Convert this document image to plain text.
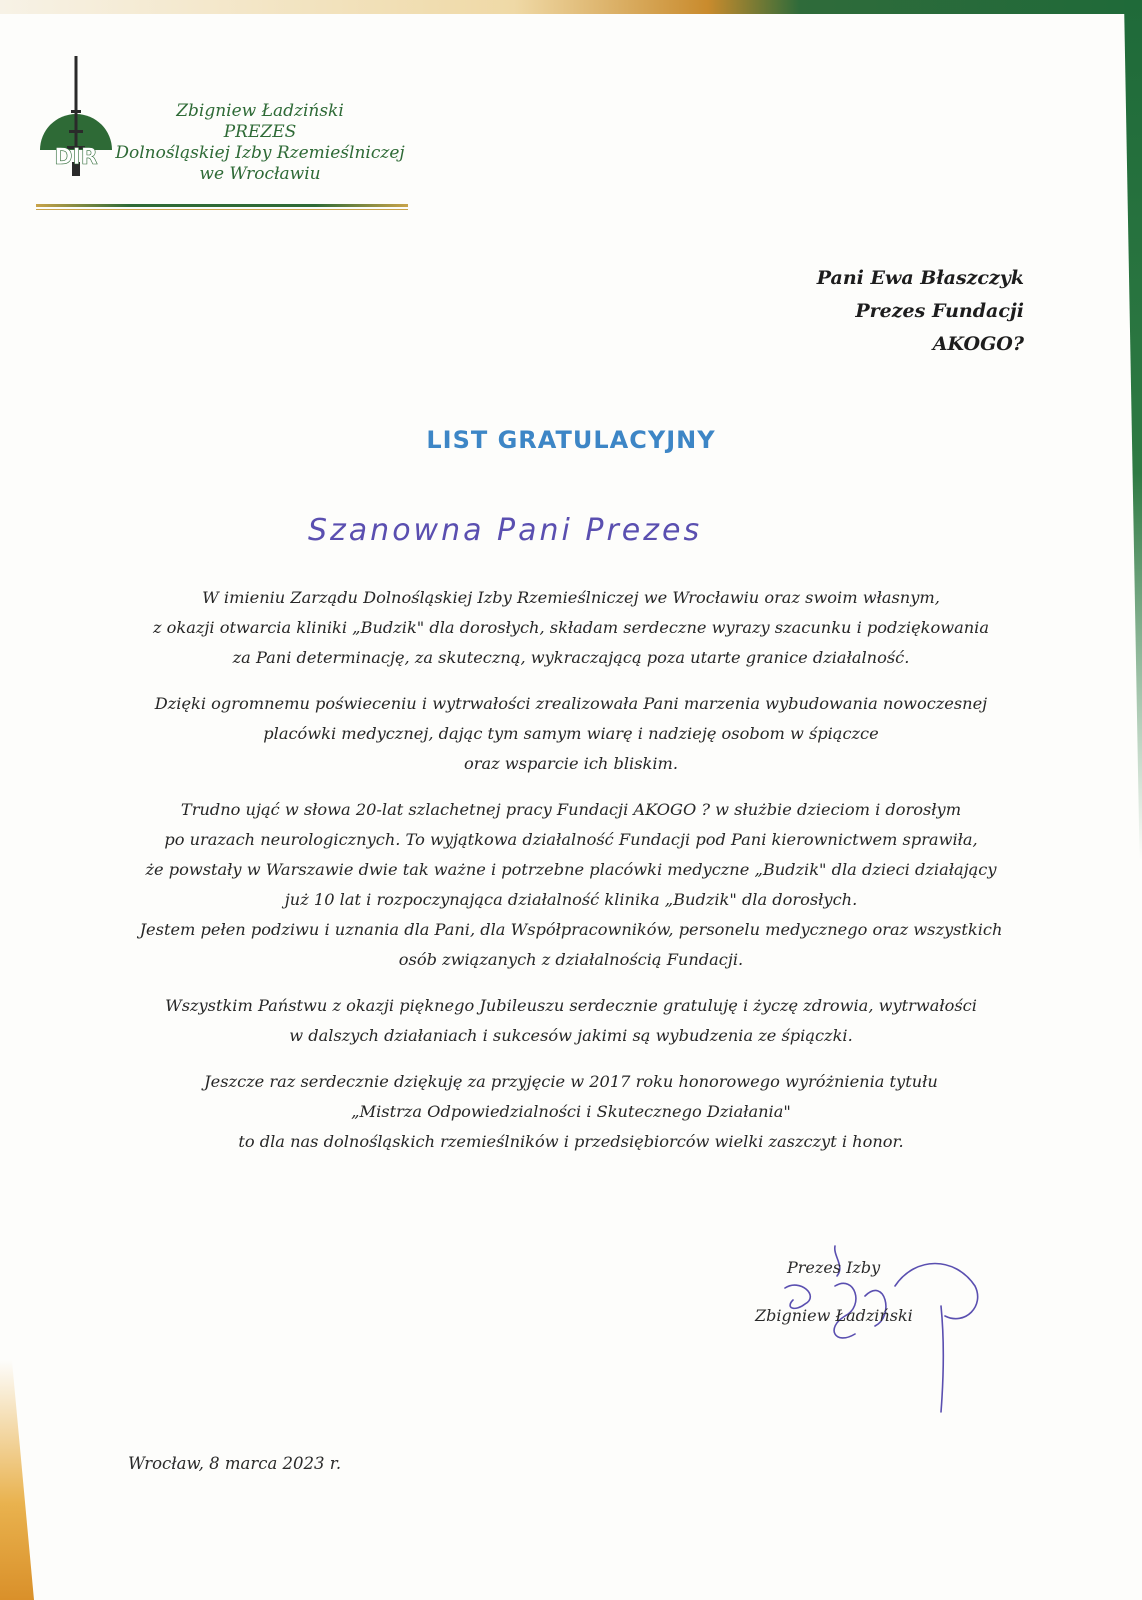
DIR
Zbigniew Ładziński
PREZES
Dolnośląskiej Izby Rzemieślniczej
we Wrocławiu
Pani Ewa Błaszczyk
Prezes Fundacji
AKOGO?
LIST GRATULACYJNY
Szanowna Pani Prezes

W imieniu Zarządu Dolnośląskiej Izby Rzemieślniczej we Wrocławiu oraz swoim własnym,
z okazji otwarcia kliniki „Budzik" dla dorosłych, składam serdeczne wyrazy szacunku i podziękowania
za Pani determinację, za skuteczną, wykraczającą poza utarte granice działalność.

Dzięki ogromnemu poświeceniu i wytrwałości zrealizowała Pani marzenia wybudowania nowoczesnej
placówki medycznej, dając tym samym wiarę i nadzieję osobom w śpiączce
oraz wsparcie ich bliskim.

Trudno ująć w słowa 20-lat szlachetnej pracy Fundacji AKOGO ? w służbie dzieciom i dorosłym
po urazach neurologicznych. To wyjątkowa działalność Fundacji pod Pani kierownictwem sprawiła,
że powstały w Warszawie dwie tak ważne i potrzebne placówki medyczne „Budzik" dla dzieci działający
już 10 lat i rozpoczynająca działalność klinika „Budzik" dla dorosłych.
Jestem pełen podziwu i uznania dla Pani, dla Współpracowników, personelu medycznego oraz wszystkich
osób związanych z działalnością Fundacji.

Wszystkim Państwu z okazji pięknego Jubileuszu serdecznie gratuluję i życzę zdrowia, wytrwałości
w dalszych działaniach i sukcesów jakimi są wybudzenia ze śpiączki.

Jeszcze raz serdecznie dziękuję za przyjęcie w 2017 roku honorowego wyróżnienia tytułu
„Mistrza Odpowiedzialności i Skutecznego Działania"
to dla nas dolnośląskich rzemieślników i przedsiębiorców wielki zaszczyt i honor.

Prezes Izby
Zbigniew Ładziński
Wrocław, 8 marca 2023 r.
